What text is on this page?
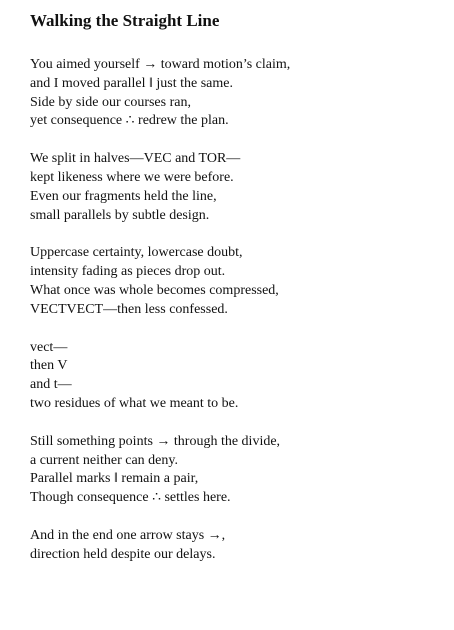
Walking the Straight Line
You aimed yourself → toward motion’s claim,
and I moved parallel ‖ just the same.
Side by side our courses ran,
yet consequence ∴ redrew the plan.
We split in halves—VEC and TOR—
kept likeness where we were before.
Even our fragments held the line,
small parallels by subtle design.
Uppercase certainty, lowercase doubt,
intensity fading as pieces drop out.
What once was whole becomes compressed,
VECTVECT—then less confessed.
vect—
then V
and t—
two residues of what we meant to be.
Still something points → through the divide,
a current neither can deny.
Parallel marks ‖ remain a pair,
Though consequence ∴ settles here.
And in the end one arrow stays →,
direction held despite our delays.
